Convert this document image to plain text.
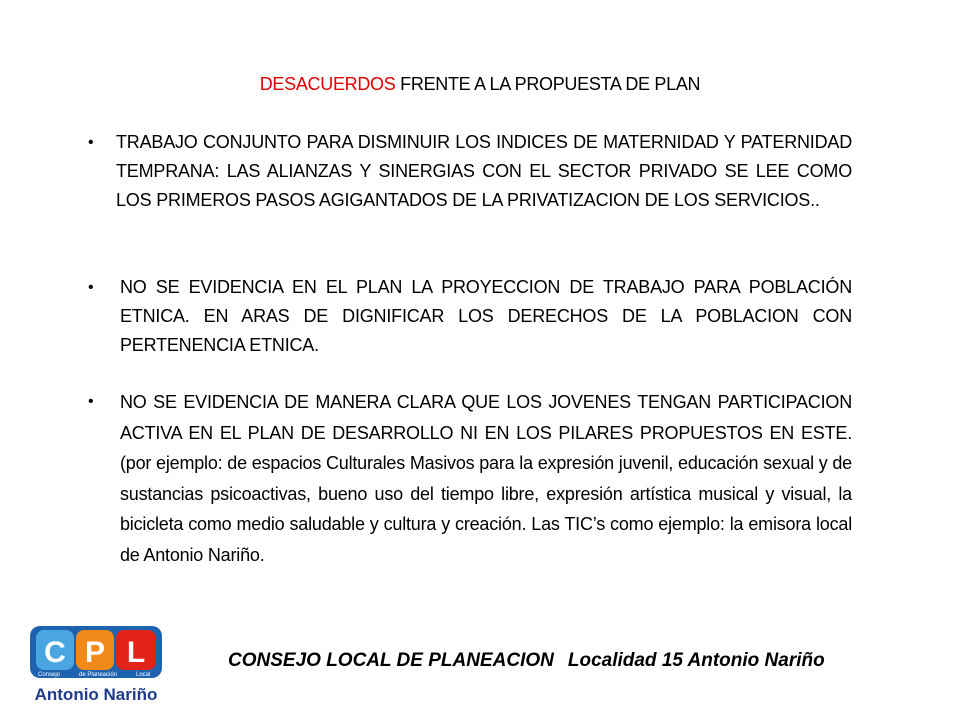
DESACUERDOS FRENTE A LA PROPUESTA DE PLAN
• TRABAJO CONJUNTO PARA DISMINUIR LOS INDICES DE MATERNIDAD Y PATERNIDAD TEMPRANA: LAS ALIANZAS Y SINERGIAS CON EL SECTOR PRIVADO SE LEE COMO LOS PRIMEROS PASOS AGIGANTADOS DE LA PRIVATIZACION DE LOS SERVICIOS..
• NO SE EVIDENCIA EN EL PLAN LA PROYECCION DE TRABAJO PARA POBLACIÓN ETNICA. EN ARAS DE DIGNIFICAR LOS DERECHOS DE LA POBLACION CON PERTENENCIA ETNICA.
• NO SE EVIDENCIA DE MANERA CLARA QUE LOS JOVENES TENGAN PARTICIPACION ACTIVA EN EL PLAN DE DESARROLLO NI EN LOS PILARES PROPUESTOS EN ESTE. (por ejemplo: de espacios Culturales Masivos para la expresión juvenil, educación sexual y de sustancias psicoactivas, bueno uso del tiempo libre, expresión artística musical y visual, la bicicleta como medio saludable y cultura y creación. Las TIC’s como ejemplo: la emisora local de Antonio Nariño.
C P L
Consejo	de Planeación	Local
Antonio Nariño
CONSEJO LOCAL DE PLANEACION Localidad 15 Antonio Nariño
